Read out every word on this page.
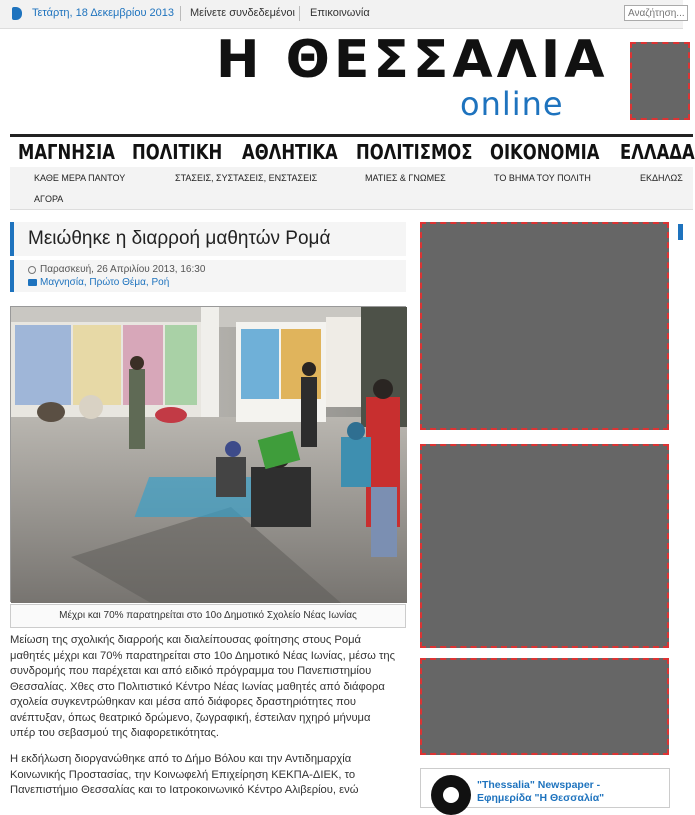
Τετάρτη, 18 Δεκεμβρίου 2013 Μείνετε συνδεδεμένοι Επικοινωνία
Αναζήτηση...
Η ΘΕΣΣΑΛΙΑ
online
ΜΑΓΝΗΣΙΑ ΠΟΛΙΤΙΚΗ ΑΘΛΗΤΙΚΑ ΠΟΛΙΤΙΣΜΟΣ ΟΙΚΟΝΟΜΙΑ ΕΛΛΑΔΑ
ΚΑΘΕ ΜΕΡΑ ΠΑΝΤΟΥ	ΣΤΑΣΕΙΣ, ΣΥΣΤΑΣΕΙΣ, ΕΝΣΤΑΣΕΙΣ	ΜΑΤΙΕΣ & ΓΝΩΜΕΣ	ΤΟ ΒΗΜΑ ΤΟΥ ΠΟΛΙΤΗ	ΕΚΔΗΛΩΣ
ΑΓΟΡΑ
Μειώθηκε η διαρροή μαθητών Ρομά
Παρασκευή, 26 Απριλίου 2013, 16:30
Μαγνησία, Πρώτο Θέμα, Ροή
Μέχρι και 70% παρατηρείται στο 10ο Δημοτικό Σχολείο Νέας Ιωνίας
Μείωση της σχολικής διαρροής και διαλείπουσας φοίτησης στους Ρομά
μαθητές μέχρι και 70% παρατηρείται στο 10ο Δημοτικό Νέας Ιωνίας, μέσω της
συνδρομής που παρέχεται και από ειδικό πρόγραμμα του Πανεπιστημίου
Θεσσαλίας. Χθες στο Πολιτιστικό Κέντρο Νέας Ιωνίας μαθητές από διάφορα
σχολεία συγκεντρώθηκαν και μέσα από διάφορες δραστηριότητες που
ανέπτυξαν, όπως θεατρικό δρώμενο, ζωγραφική, έστειλαν ηχηρό μήνυμα
υπέρ του σεβασμού της διαφορετικότητας.
Η εκδήλωση διοργανώθηκε από το Δήμο Βόλου και την Αντιδημαρχία
Κοινωνικής Προστασίας, την Κοινωφελή Επιχείρηση ΚΕΚΠΑ-ΔΙΕΚ, το
Πανεπιστήμιο Θεσσαλίας και το Ιατροκοινωνικό Κέντρο Αλιβερίου, ενώ	"Thessalia" Newspaper -
Εφημερίδα "Η Θεσσαλία"
